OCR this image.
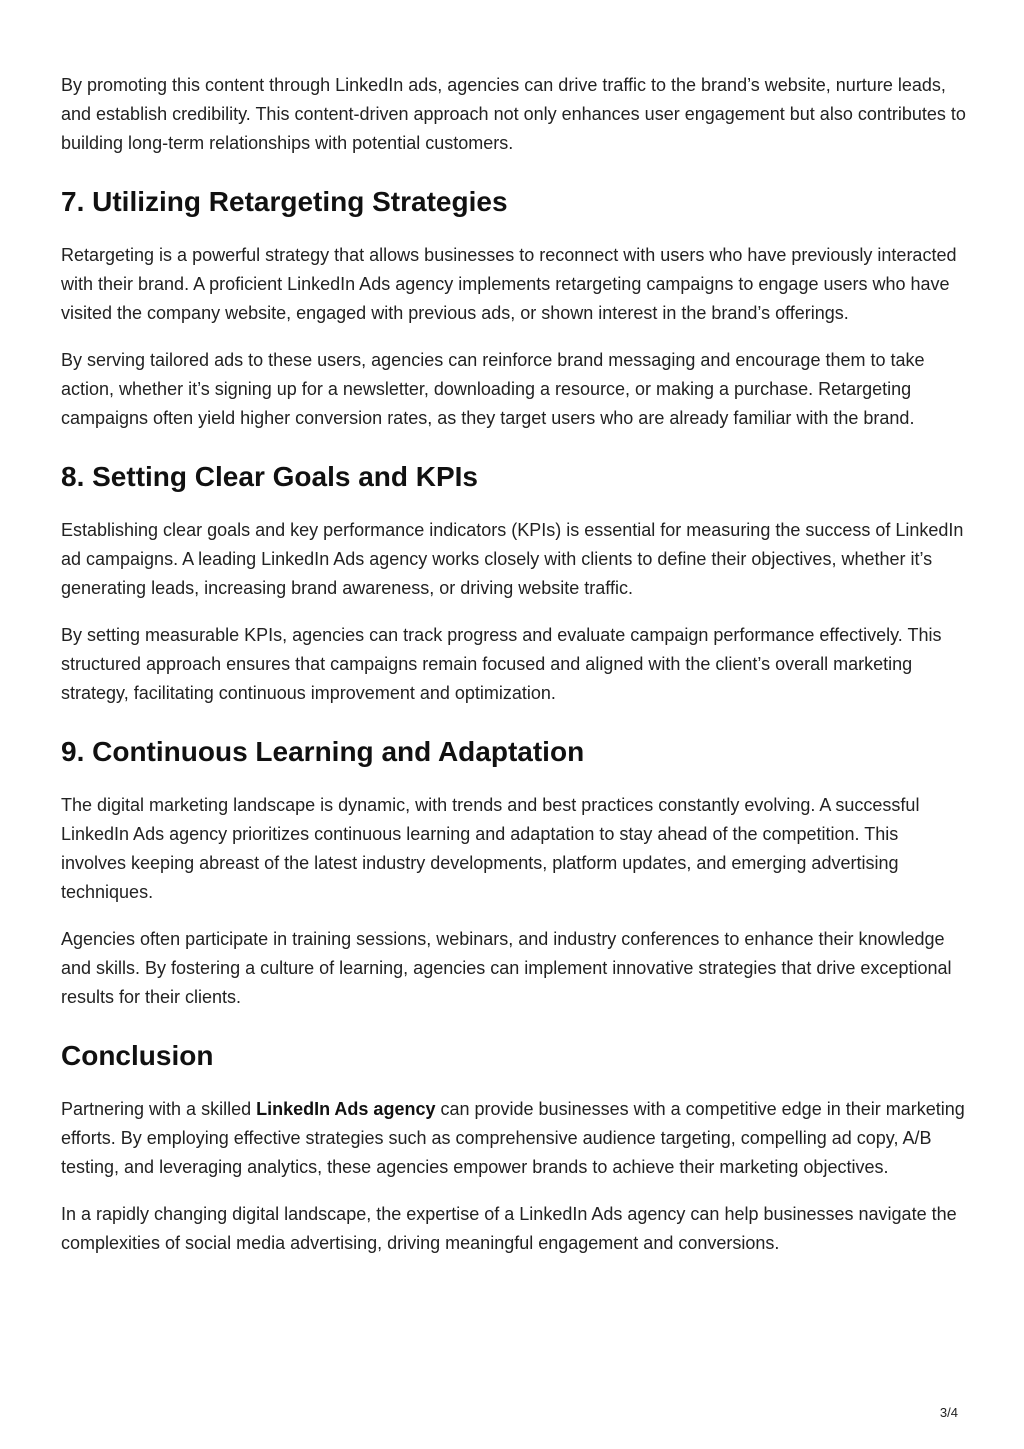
By promoting this content through LinkedIn ads, agencies can drive traffic to the brand’s website, nurture leads, and establish credibility. This content-driven approach not only enhances user engagement but also contributes to building long-term relationships with potential customers.

7. Utilizing Retargeting Strategies

Retargeting is a powerful strategy that allows businesses to reconnect with users who have previously interacted with their brand. A proficient LinkedIn Ads agency implements retargeting campaigns to engage users who have visited the company website, engaged with previous ads, or shown interest in the brand’s offerings.

By serving tailored ads to these users, agencies can reinforce brand messaging and encourage them to take action, whether it’s signing up for a newsletter, downloading a resource, or making a purchase. Retargeting campaigns often yield higher conversion rates, as they target users who are already familiar with the brand.

8. Setting Clear Goals and KPIs

Establishing clear goals and key performance indicators (KPIs) is essential for measuring the success of LinkedIn ad campaigns. A leading LinkedIn Ads agency works closely with clients to define their objectives, whether it’s generating leads, increasing brand awareness, or driving website traffic.

By setting measurable KPIs, agencies can track progress and evaluate campaign performance effectively. This structured approach ensures that campaigns remain focused and aligned with the client’s overall marketing strategy, facilitating continuous improvement and optimization.

9. Continuous Learning and Adaptation

The digital marketing landscape is dynamic, with trends and best practices constantly evolving. A successful LinkedIn Ads agency prioritizes continuous learning and adaptation to stay ahead of the competition. This involves keeping abreast of the latest industry developments, platform updates, and emerging advertising techniques.

Agencies often participate in training sessions, webinars, and industry conferences to enhance their knowledge and skills. By fostering a culture of learning, agencies can implement innovative strategies that drive exceptional results for their clients.

Conclusion

Partnering with a skilled LinkedIn Ads agency can provide businesses with a competitive edge in their marketing efforts. By employing effective strategies such as comprehensive audience targeting, compelling ad copy, A/B testing, and leveraging analytics, these agencies empower brands to achieve their marketing objectives.

In a rapidly changing digital landscape, the expertise of a LinkedIn Ads agency can help businesses navigate the complexities of social media advertising, driving meaningful engagement and conversions.

3/4
